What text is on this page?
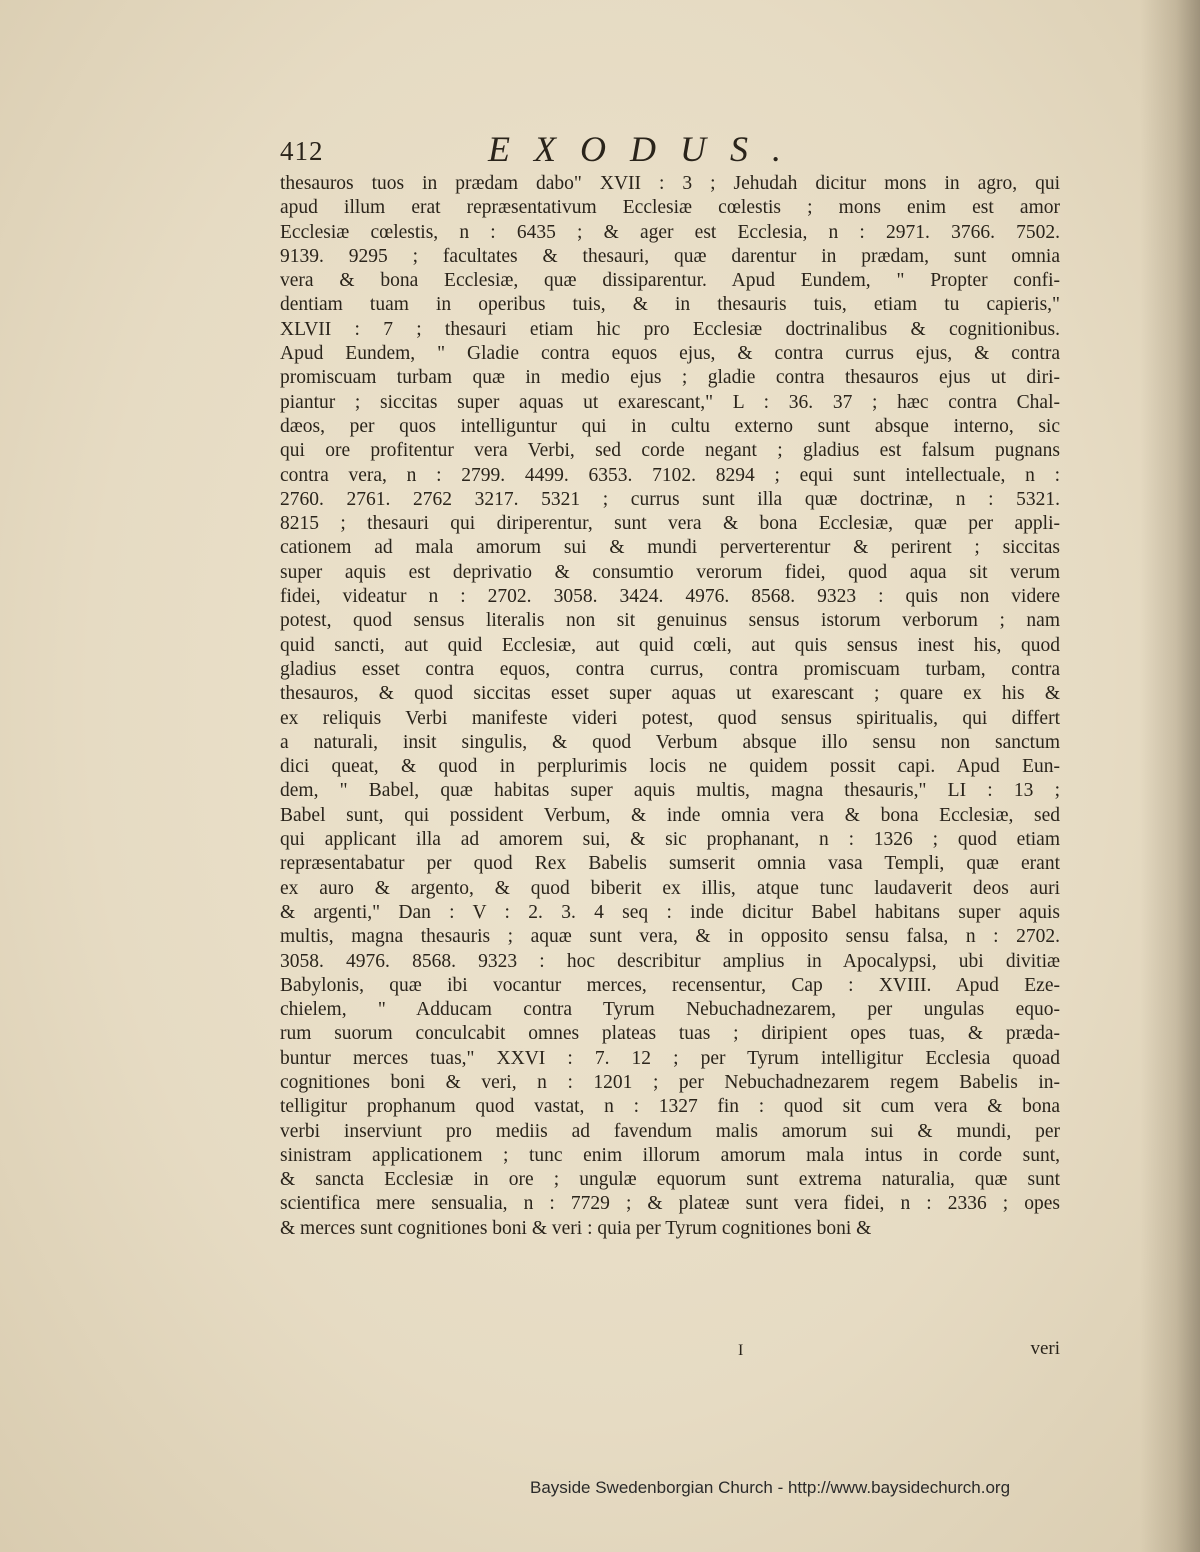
412	EXODUS.
thesauros tuos in prædam dabo" XVII : 3 ; Jehudah dicitur mons in agro, qui
apud illum erat repræsentativum Ecclesiæ cœlestis ; mons enim est amor
Ecclesiæ cœlestis, n : 6435 ; & ager est Ecclesia, n : 2971. 3766. 7502.
9139. 9295 ; facultates & thesauri, quæ darentur in prædam, sunt omnia
vera & bona Ecclesiæ, quæ dissiparentur. Apud Eundem, " Propter confi-
dentiam tuam in operibus tuis, & in thesauris tuis, etiam tu capieris,"
XLVII : 7 ; thesauri etiam hic pro Ecclesiæ doctrinalibus & cognitionibus.
Apud Eundem, " Gladie contra equos ejus, & contra currus ejus, & contra
promiscuam turbam quæ in medio ejus ; gladie contra thesauros ejus ut diri-
piantur ; siccitas super aquas ut exarescant," L : 36. 37 ; hæc contra Chal-
dæos, per quos intelliguntur qui in cultu externo sunt absque interno, sic
qui ore profitentur vera Verbi, sed corde negant ; gladius est falsum pugnans
contra vera, n : 2799. 4499. 6353. 7102. 8294 ; equi sunt intellectuale, n :
2760. 2761. 2762 3217. 5321 ; currus sunt illa quæ doctrinæ, n : 5321.
8215 ; thesauri qui diriperentur, sunt vera & bona Ecclesiæ, quæ per appli-
cationem ad mala amorum sui & mundi perverterentur & perirent ; siccitas
super aquis est deprivatio & consumtio verorum fidei, quod aqua sit verum
fidei, videatur n : 2702. 3058. 3424. 4976. 8568. 9323 : quis non videre
potest, quod sensus literalis non sit genuinus sensus istorum verborum ; nam
quid sancti, aut quid Ecclesiæ, aut quid cœli, aut quis sensus inest his, quod
gladius esset contra equos, contra currus, contra promiscuam turbam, contra
thesauros, & quod siccitas esset super aquas ut exarescant ; quare ex his &
ex reliquis Verbi manifeste videri potest, quod sensus spiritualis, qui differt
a naturali, insit singulis, & quod Verbum absque illo sensu non sanctum
dici queat, & quod in perplurimis locis ne quidem possit capi. Apud Eun-
dem, " Babel, quæ habitas super aquis multis, magna thesauris," LI : 13 ;
Babel sunt, qui possident Verbum, & inde omnia vera & bona Ecclesiæ, sed
qui applicant illa ad amorem sui, & sic prophanant, n : 1326 ; quod etiam
repræsentabatur per quod Rex Babelis sumserit omnia vasa Templi, quæ erant
ex auro & argento, & quod biberit ex illis, atque tunc laudaverit deos auri
& argenti," Dan : V : 2. 3. 4 seq : inde dicitur Babel habitans super aquis
multis, magna thesauris ; aquæ sunt vera, & in opposito sensu falsa, n : 2702.
3058. 4976. 8568. 9323 : hoc describitur amplius in Apocalypsi, ubi divitiæ
Babylonis, quæ ibi vocantur merces, recensentur, Cap : XVIII. Apud Eze-
chielem, " Adducam contra Tyrum Nebuchadnezarem, per ungulas equo-
rum suorum conculcabit omnes plateas tuas ; diripient opes tuas, & præda-
buntur merces tuas," XXVI : 7. 12 ; per Tyrum intelligitur Ecclesia quoad
cognitiones boni & veri, n : 1201 ; per Nebuchadnezarem regem Babelis in-
telligitur prophanum quod vastat, n : 1327 fin : quod sit cum vera & bona
verbi inserviunt pro mediis ad favendum malis amorum sui & mundi, per
sinistram applicationem ; tunc enim illorum amorum mala intus in corde sunt,
& sancta Ecclesiæ in ore ; ungulæ equorum sunt extrema naturalia, quæ sunt
scientifica mere sensualia, n : 7729 ; & plateæ sunt vera fidei, n : 2336 ; opes
& merces sunt cognitiones boni & veri : quia per Tyrum cognitiones boni &
I	veri
Bayside Swedenborgian Church - http://www.baysidechurch.org
